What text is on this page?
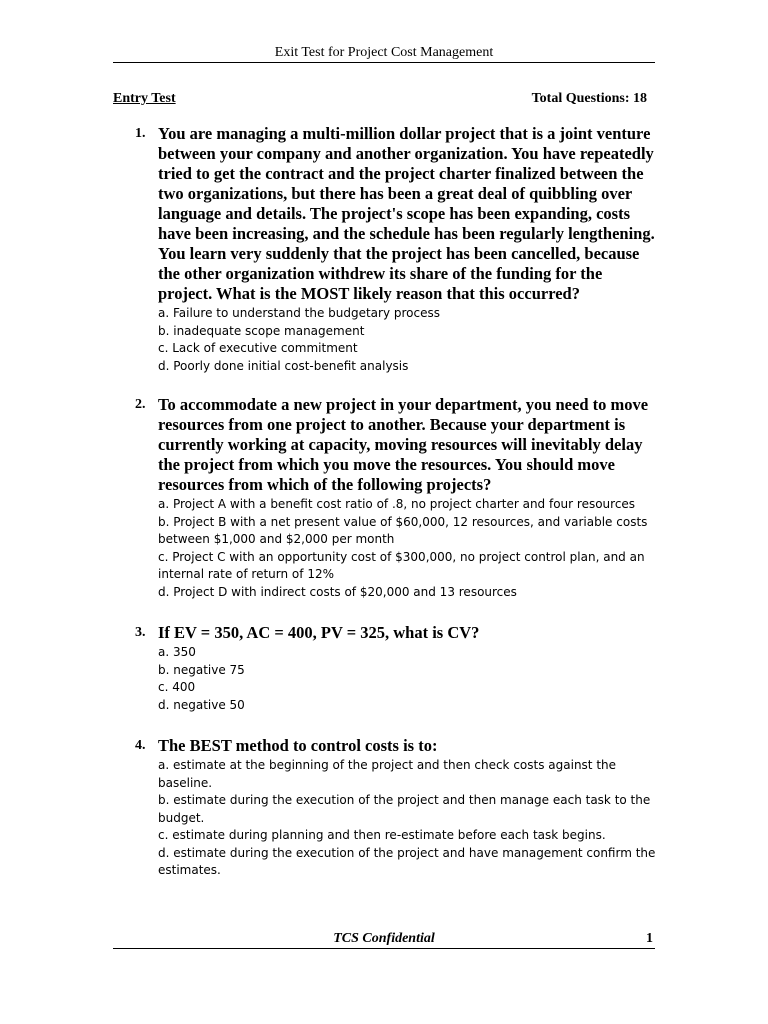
Exit Test for Project Cost Management
Entry Test	Total Questions: 18
1. You are managing a multi-million dollar project that is a joint venture between your company and another organization. You have repeatedly tried to get the contract and the project charter finalized between the two organizations, but there has been a great deal of quibbling over language and details. The project's scope has been expanding, costs have been increasing, and the schedule has been regularly lengthening. You learn very suddenly that the project has been cancelled, because the other organization withdrew its share of the funding for the project. What is the MOST likely reason that this occurred?

a. Failure to understand the budgetary process
b. inadequate scope management
c. Lack of executive commitment
d. Poorly done initial cost-benefit analysis
2. To accommodate a new project in your department, you need to move resources from one project to another. Because your department is currently working at capacity, moving resources will inevitably delay the project from which you move the resources. You should move resources from which of the following projects?

a. Project A with a benefit cost ratio of .8, no project charter and four resources
b. Project B with a net present value of $60,000, 12 resources, and variable costs between $1,000 and $2,000 per month
c. Project C with an opportunity cost of $300,000, no project control plan, and an internal rate of return of 12%
d. Project D with indirect costs of $20,000 and 13 resources
3. If EV = 350, AC = 400, PV = 325, what is CV?

a. 350
b. negative 75
c. 400
d. negative 50
4. The BEST method to control costs is to:

a. estimate at the beginning of the project and then check costs against the baseline.
b. estimate during the execution of the project and then manage each task to the budget.
c. estimate during planning and then re-estimate before each task begins.
d. estimate during the execution of the project and have management confirm the estimates.
TCS Confidential	1
